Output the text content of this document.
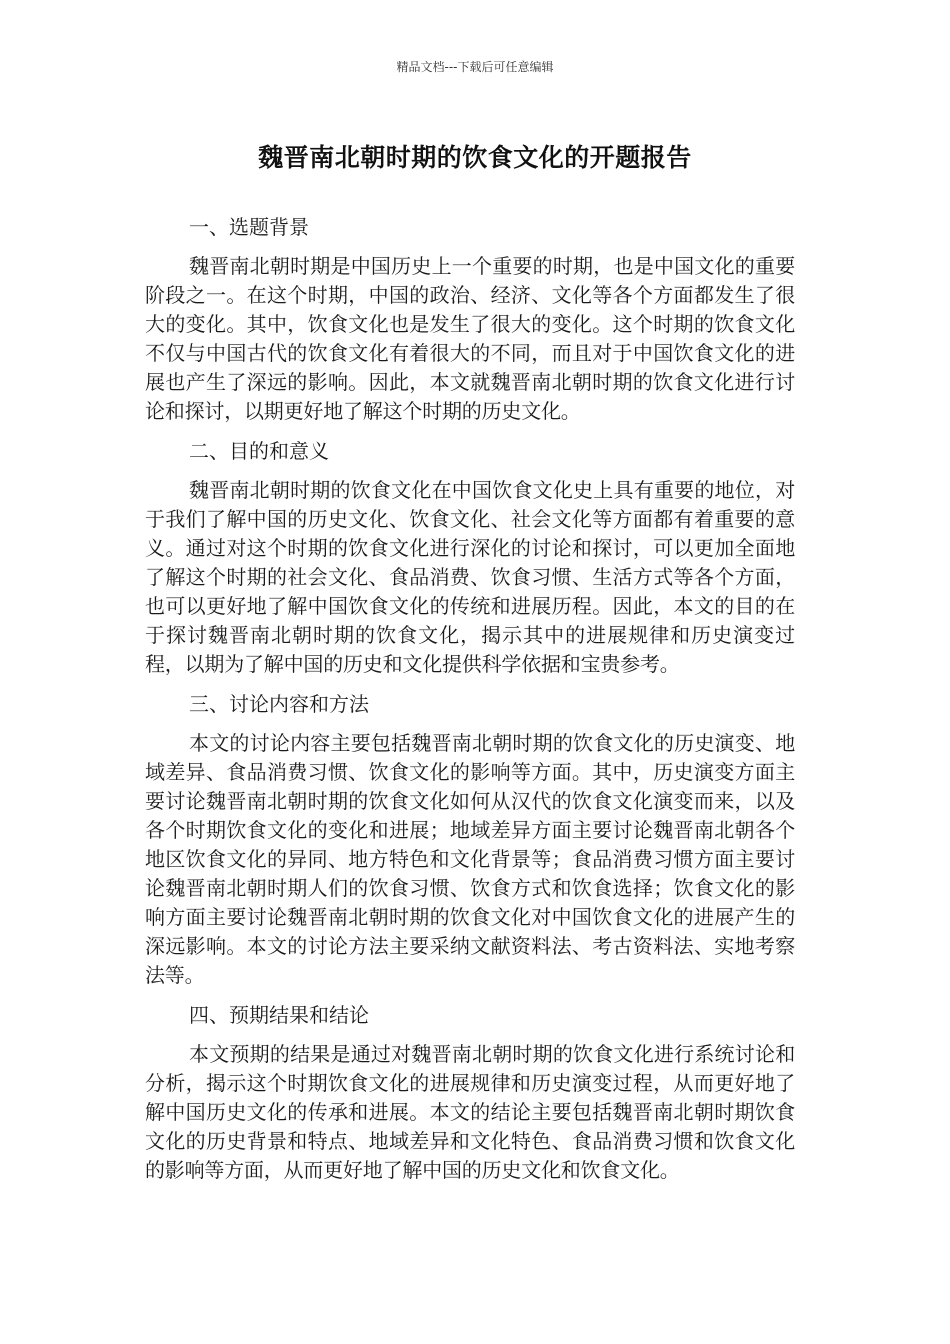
精品文档---下载后可任意编辑
魏晋南北朝时期的饮食文化的开题报告
一、选题背景

魏晋南北朝时期是中国历史上一个重要的时期，也是中国文化的重要阶段之一。在这个时期，中国的政治、经济、文化等各个方面都发生了很大的变化。其中，饮食文化也是发生了很大的变化。这个时期的饮食文化不仅与中国古代的饮食文化有着很大的不同，而且对于中国饮食文化的进展也产生了深远的影响。因此，本文就魏晋南北朝时期的饮食文化进行讨论和探讨，以期更好地了解这个时期的历史文化。

二、目的和意义

魏晋南北朝时期的饮食文化在中国饮食文化史上具有重要的地位，对于我们了解中国的历史文化、饮食文化、社会文化等方面都有着重要的意义。通过对这个时期的饮食文化进行深化的讨论和探讨，可以更加全面地了解这个时期的社会文化、食品消费、饮食习惯、生活方式等各个方面，也可以更好地了解中国饮食文化的传统和进展历程。因此，本文的目的在于探讨魏晋南北朝时期的饮食文化，揭示其中的进展规律和历史演变过程，以期为了解中国的历史和文化提供科学依据和宝贵参考。

三、讨论内容和方法

本文的讨论内容主要包括魏晋南北朝时期的饮食文化的历史演变、地域差异、食品消费习惯、饮食文化的影响等方面。其中，历史演变方面主要讨论魏晋南北朝时期的饮食文化如何从汉代的饮食文化演变而来，以及各个时期饮食文化的变化和进展；地域差异方面主要讨论魏晋南北朝各个地区饮食文化的异同、地方特色和文化背景等；食品消费习惯方面主要讨论魏晋南北朝时期人们的饮食习惯、饮食方式和饮食选择；饮食文化的影响方面主要讨论魏晋南北朝时期的饮食文化对中国饮食文化的进展产生的深远影响。本文的讨论方法主要采纳文献资料法、考古资料法、实地考察法等。

四、预期结果和结论

本文预期的结果是通过对魏晋南北朝时期的饮食文化进行系统讨论和分析，揭示这个时期饮食文化的进展规律和历史演变过程，从而更好地了解中国历史文化的传承和进展。本文的结论主要包括魏晋南北朝时期饮食文化的历史背景和特点、地域差异和文化特色、食品消费习惯和饮食文化的影响等方面，从而更好地了解中国的历史文化和饮食文化。
